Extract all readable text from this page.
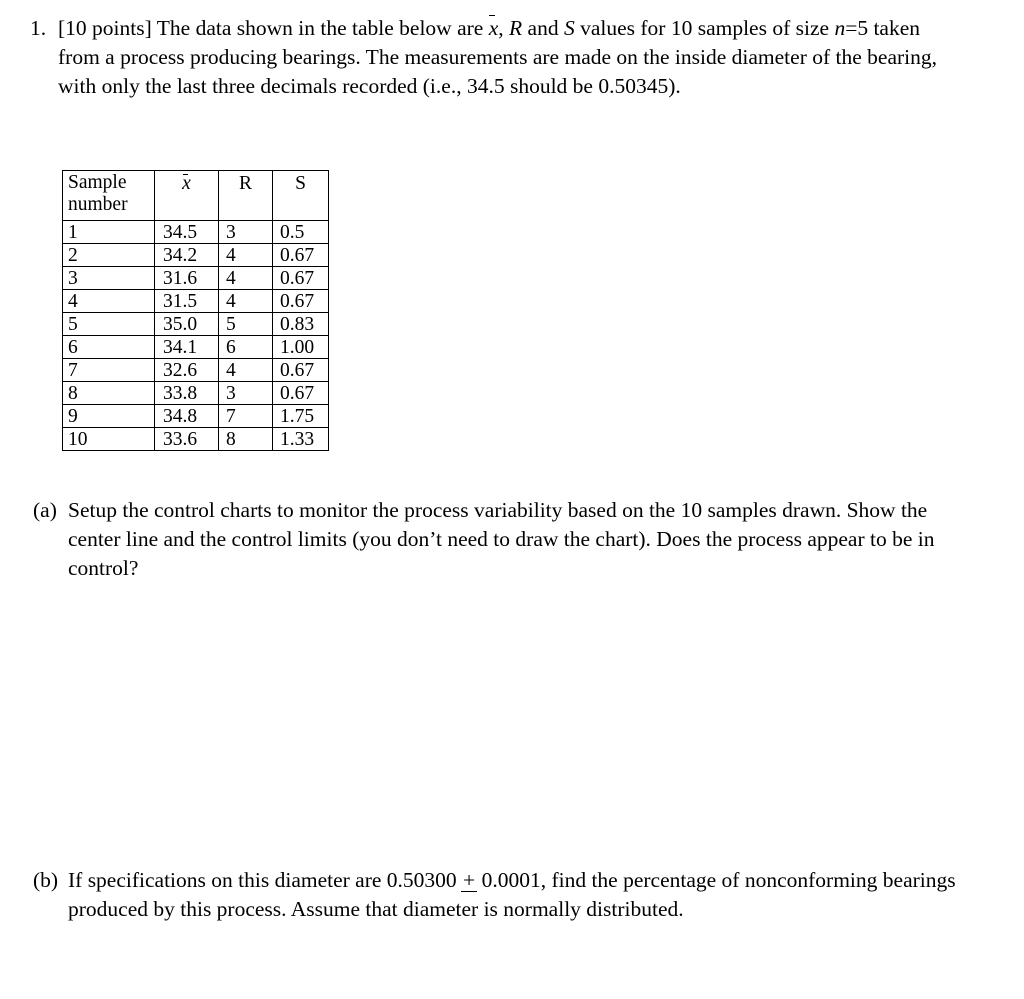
1. [10 points] The data shown in the table below are x, R and S values for 10 samples of size n=5 taken from a process producing bearings. The measurements are made on the inside diameter of the bearing, with only the last three decimals recorded (i.e., 34.5 should be 0.50345).

Sample
number	x	R	S
1	34.5	3	0.5
2	34.2	4	0.67
3	31.6	4	0.67
4	31.5	4	0.67
5	35.0	5	0.83
6	34.1	6	1.00
7	32.6	4	0.67
8	33.8	3	0.67
9	34.8	7	1.75
10	33.6	8	1.33
(a) Setup the control charts to monitor the process variability based on the 10 samples drawn. Show the center line and the control limits (you don’t need to draw the chart). Does the process appear to be in control?

(b) If specifications on this diameter are 0.50300 + 0.0001, find the percentage of nonconforming bearings produced by this process. Assume that diameter is normally distributed.
